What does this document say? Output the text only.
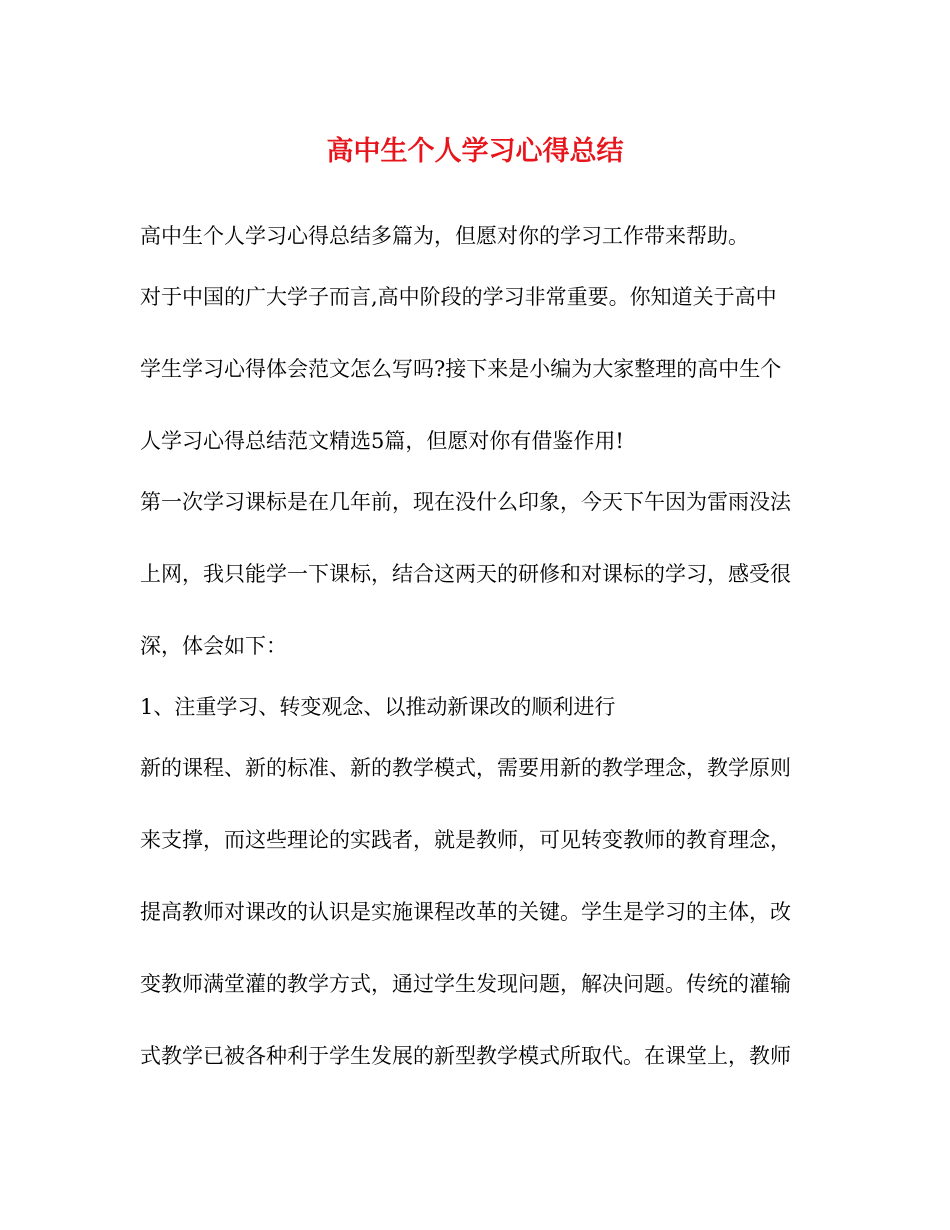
高中生个人学习心得总结

高中生个人学习心得总结多篇为，但愿对你的学习工作带来帮助。

对于中国的广大学子而言,高中阶段的学习非常重要。你知道关于高中

学生学习心得体会范文怎么写吗?接下来是小编为大家整理的高中生个

人学习心得总结范文精选5篇，但愿对你有借鉴作用!

第一次学习课标是在几年前，现在没什么印象，今天下午因为雷雨没法

上网，我只能学一下课标，结合这两天的研修和对课标的学习，感受很

深，体会如下：

1、注重学习、转变观念、以推动新课改的顺利进行

新的课程、新的标准、新的教学模式，需要用新的教学理念，教学原则

来支撑，而这些理论的实践者，就是教师，可见转变教师的教育理念，

提高教师对课改的认识是实施课程改革的关键。学生是学习的主体，改

变教师满堂灌的教学方式，通过学生发现问题，解决问题。传统的灌输

式教学已被各种利于学生发展的新型教学模式所取代。在课堂上，教师
